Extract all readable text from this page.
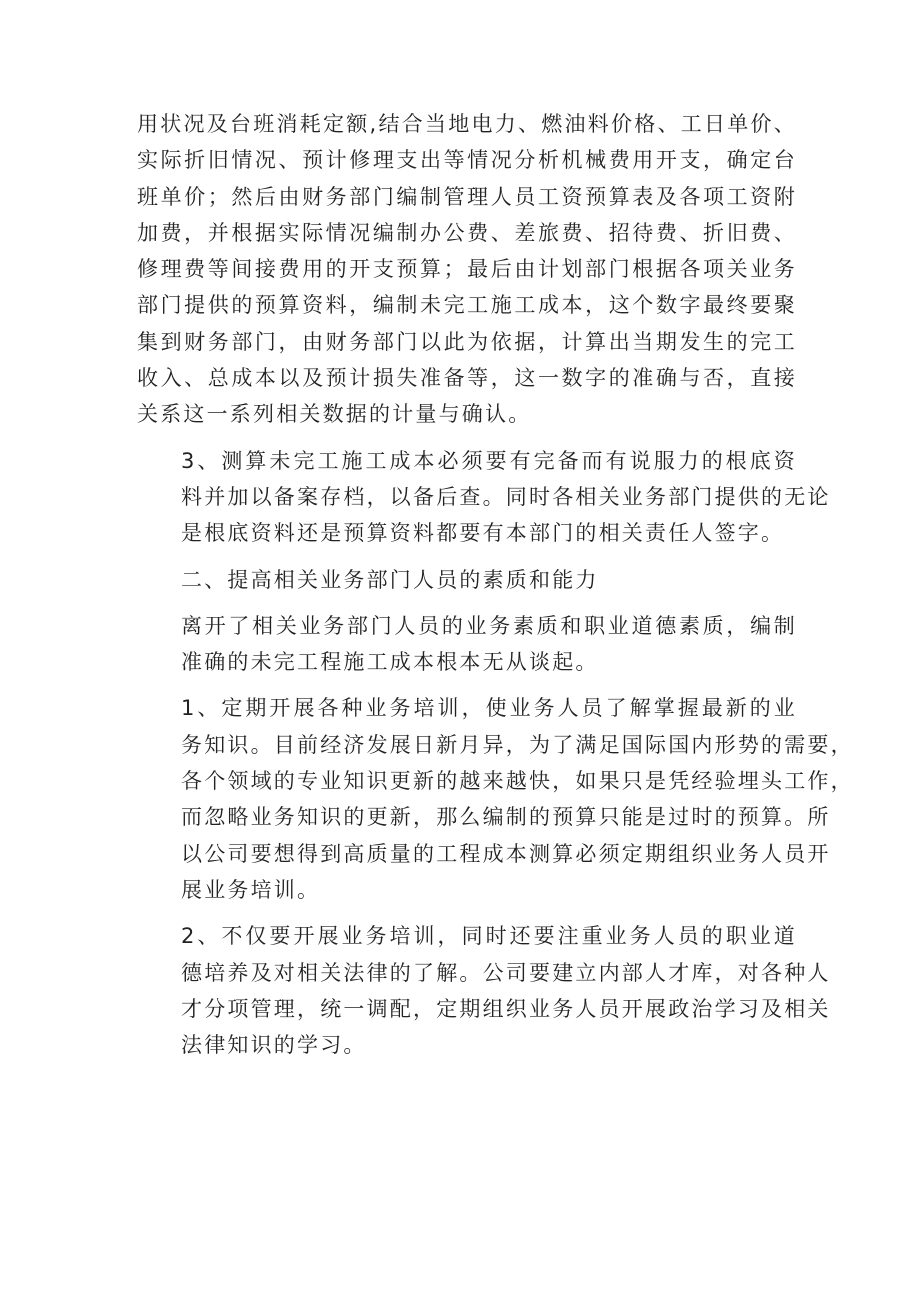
用状况及台班消耗定额,结合当地电力、燃油料价格、工日单价、
实际折旧情况、预计修理支出等情况分析机械费用开支，确定台
班单价；然后由财务部门编制管理人员工资预算表及各项工资附
加费，并根据实际情况编制办公费、差旅费、招待费、折旧费、
修理费等间接费用的开支预算；最后由计划部门根据各项关业务
部门提供的预算资料，编制未完工施工成本，这个数字最终要聚
集到财务部门，由财务部门以此为依据，计算出当期发生的完工
收入、总成本以及预计损失准备等，这一数字的准确与否，直接
关系这一系列相关数据的计量与确认。
3、测算未完工施工成本必须要有完备而有说服力的根底资
料并加以备案存档，以备后查。同时各相关业务部门提供的无论
是根底资料还是预算资料都要有本部门的相关责任人签字。
二、提高相关业务部门人员的素质和能力
离开了相关业务部门人员的业务素质和职业道德素质，编制
准确的未完工程施工成本根本无从谈起。
1、定期开展各种业务培训，使业务人员了解掌握最新的业
务知识。目前经济发展日新月异，为了满足国际国内形势的需要，
各个领域的专业知识更新的越来越快，如果只是凭经验埋头工作，
而忽略业务知识的更新，那么编制的预算只能是过时的预算。所
以公司要想得到高质量的工程成本测算必须定期组织业务人员开
展业务培训。
2、不仅要开展业务培训，同时还要注重业务人员的职业道
德培养及对相关法律的了解。公司要建立内部人才库，对各种人
才分项管理，统一调配，定期组织业务人员开展政治学习及相关
法律知识的学习。
